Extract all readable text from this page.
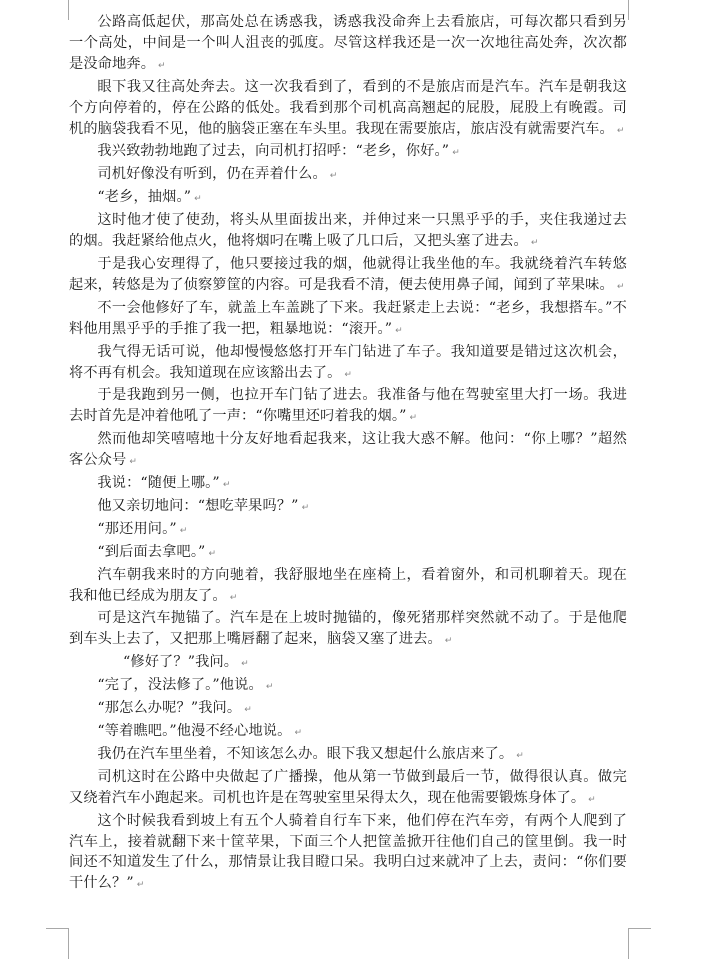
公路高低起伏，那高处总在诱惑我，诱惑我没命奔上去看旅店，可每次都只看到另一个高处，中间是一个叫人沮丧的弧度。尽管这样我还是一次一次地往高处奔，次次都是没命地奔。 ↵

眼下我又往高处奔去。这一次我看到了，看到的不是旅店而是汽车。汽车是朝我这个方向停着的，停在公路的低处。我看到那个司机高高翘起的屁股，屁股上有晚霞。司机的脑袋我看不见，他的脑袋正塞在车头里。我现在需要旅店，旅店没有就需要汽车。 ↵

我兴致勃勃地跑了过去，向司机打招呼：“老乡，你好。” ↵

司机好像没有听到，仍在弄着什么。 ↵

“老乡，抽烟。” ↵

这时他才使了使劲，将头从里面拔出来，并伸过来一只黑乎乎的手，夹住我递过去的烟。我赶紧给他点火，他将烟叼在嘴上吸了几口后，又把头塞了进去。 ↵

于是我心安理得了，他只要接过我的烟，他就得让我坐他的车。我就绕着汽车转悠起来，转悠是为了侦察箩筐的内容。可是我看不清，便去使用鼻子闻，闻到了苹果味。 ↵

不一会他修好了车，就盖上车盖跳了下来。我赶紧走上去说：“老乡，我想搭车。”不料他用黑乎乎的手推了我一把，粗暴地说：“滚开。” ↵

我气得无话可说，他却慢慢悠悠打开车门钻进了车子。我知道要是错过这次机会，将不再有机会。我知道现在应该豁出去了。 ↵

于是我跑到另一侧，也拉开车门钻了进去。我准备与他在驾驶室里大打一场。我进去时首先是冲着他吼了一声：“你嘴里还叼着我的烟。” ↵

然而他却笑嘻嘻地十分友好地看起我来，这让我大惑不解。他问：“你上哪？”超然客公众号 ↵

我说：“随便上哪。” ↵

他又亲切地问：“想吃苹果吗？” ↵

“那还用问。” ↵

“到后面去拿吧。” ↵

汽车朝我来时的方向驰着，我舒服地坐在座椅上，看着窗外，和司机聊着天。现在我和他已经成为朋友了。 ↵

可是这汽车抛锚了。汽车是在上坡时抛锚的，像死猪那样突然就不动了。于是他爬到车头上去了，又把那上嘴唇翻了起来，脑袋又塞了进去。 ↵

“修好了？”我问。 ↵

“完了，没法修了。”他说。 ↵

“那怎么办呢？”我问。 ↵

“等着瞧吧。”他漫不经心地说。 ↵

我仍在汽车里坐着，不知该怎么办。眼下我又想起什么旅店来了。 ↵

司机这时在公路中央做起了广播操，他从第一节做到最后一节，做得很认真。做完又绕着汽车小跑起来。司机也许是在驾驶室里呆得太久，现在他需要锻炼身体了。 ↵

这个时候我看到坡上有五个人骑着自行车下来，他们停在汽车旁，有两个人爬到了汽车上，接着就翻下来十筐苹果，下面三个人把筐盖掀开往他们自己的筐里倒。我一时间还不知道发生了什么，那情景让我目瞪口呆。我明白过来就冲了上去，责问：“你们要干什么？” ↵
